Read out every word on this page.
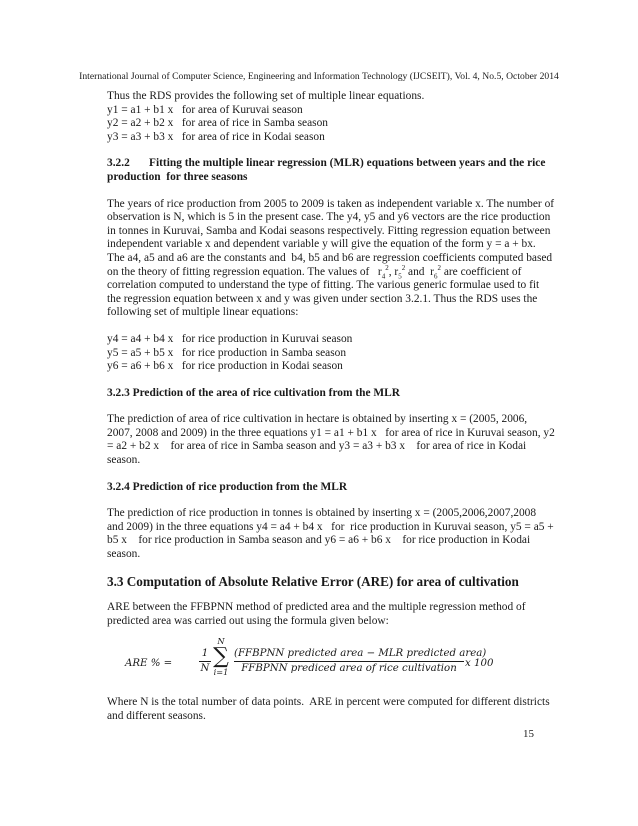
International Journal of Computer Science, Engineering and Information Technology (IJCSEIT), Vol. 4, No.5, October 2014
Thus the RDS provides the following set of multiple linear equations.
y1 = a1 + b1 x   for area of Kuruvai season
y2 = a2 + b2 x   for area of rice in Samba season
y3 = a3 + b3 x   for area of rice in Kodai season
3.2.2 Fitting the multiple linear regression (MLR) equations between years and the rice
production  for three seasons
The years of rice production from 2005 to 2009 is taken as independent variable x. The number of
observation is N, which is 5 in the present case. The y4, y5 and y6 vectors are the rice production
in tonnes in Kuruvai, Samba and Kodai seasons respectively. Fitting regression equation between
independent variable x and dependent variable y will give the equation of the form y = a + bx.
The a4, a5 and a6 are the constants and  b4, b5 and b6 are regression coefficients computed based
on the theory of fitting regression equation. The values of   $r_4^2$, $r_5^2$ and  $r_6^2$ are coefficient of
correlation computed to understand the type of fitting. The various generic formulae used to fit
the regression equation between x and y was given under section 3.2.1. Thus the RDS uses the
following set of multiple linear equations:
y4 = a4 + b4 x   for rice production in Kuruvai season
y5 = a5 + b5 x   for rice production in Samba season
y6 = a6 + b6 x   for rice production in Kodai season
3.2.3 Prediction of the area of rice cultivation from the MLR
The prediction of area of rice cultivation in hectare is obtained by inserting x = (2005, 2006,
2007, 2008 and 2009) in the three equations y1 = a1 + b1 x   for area of rice in Kuruvai season, y2
= a2 + b2 x    for area of rice in Samba season and y3 = a3 + b3 x    for area of rice in Kodai
season.
3.2.4 Prediction of rice production from the MLR
The prediction of rice production in tonnes is obtained by inserting x = (2005,2006,2007,2008
and 2009) in the three equations y4 = a4 + b4 x   for  rice production in Kuruvai season, y5 = a5 +
b5 x    for rice production in Samba season and y6 = a6 + b6 x    for rice production in Kodai
season.
3.3 Computation of Absolute Relative Error (ARE) for area of cultivation
ARE between the FFBPNN method of predicted area and the multiple regression method of
predicted area was carried out using the formula given below:
ARE % =
1
N
N
∑
i=1
(FFBPNN predicted area − MLR predicted area)
FFBPNN prediced area of rice cultivation x 100
Where N is the total number of data points.  ARE in percent were computed for different districts
and different seasons.
15
